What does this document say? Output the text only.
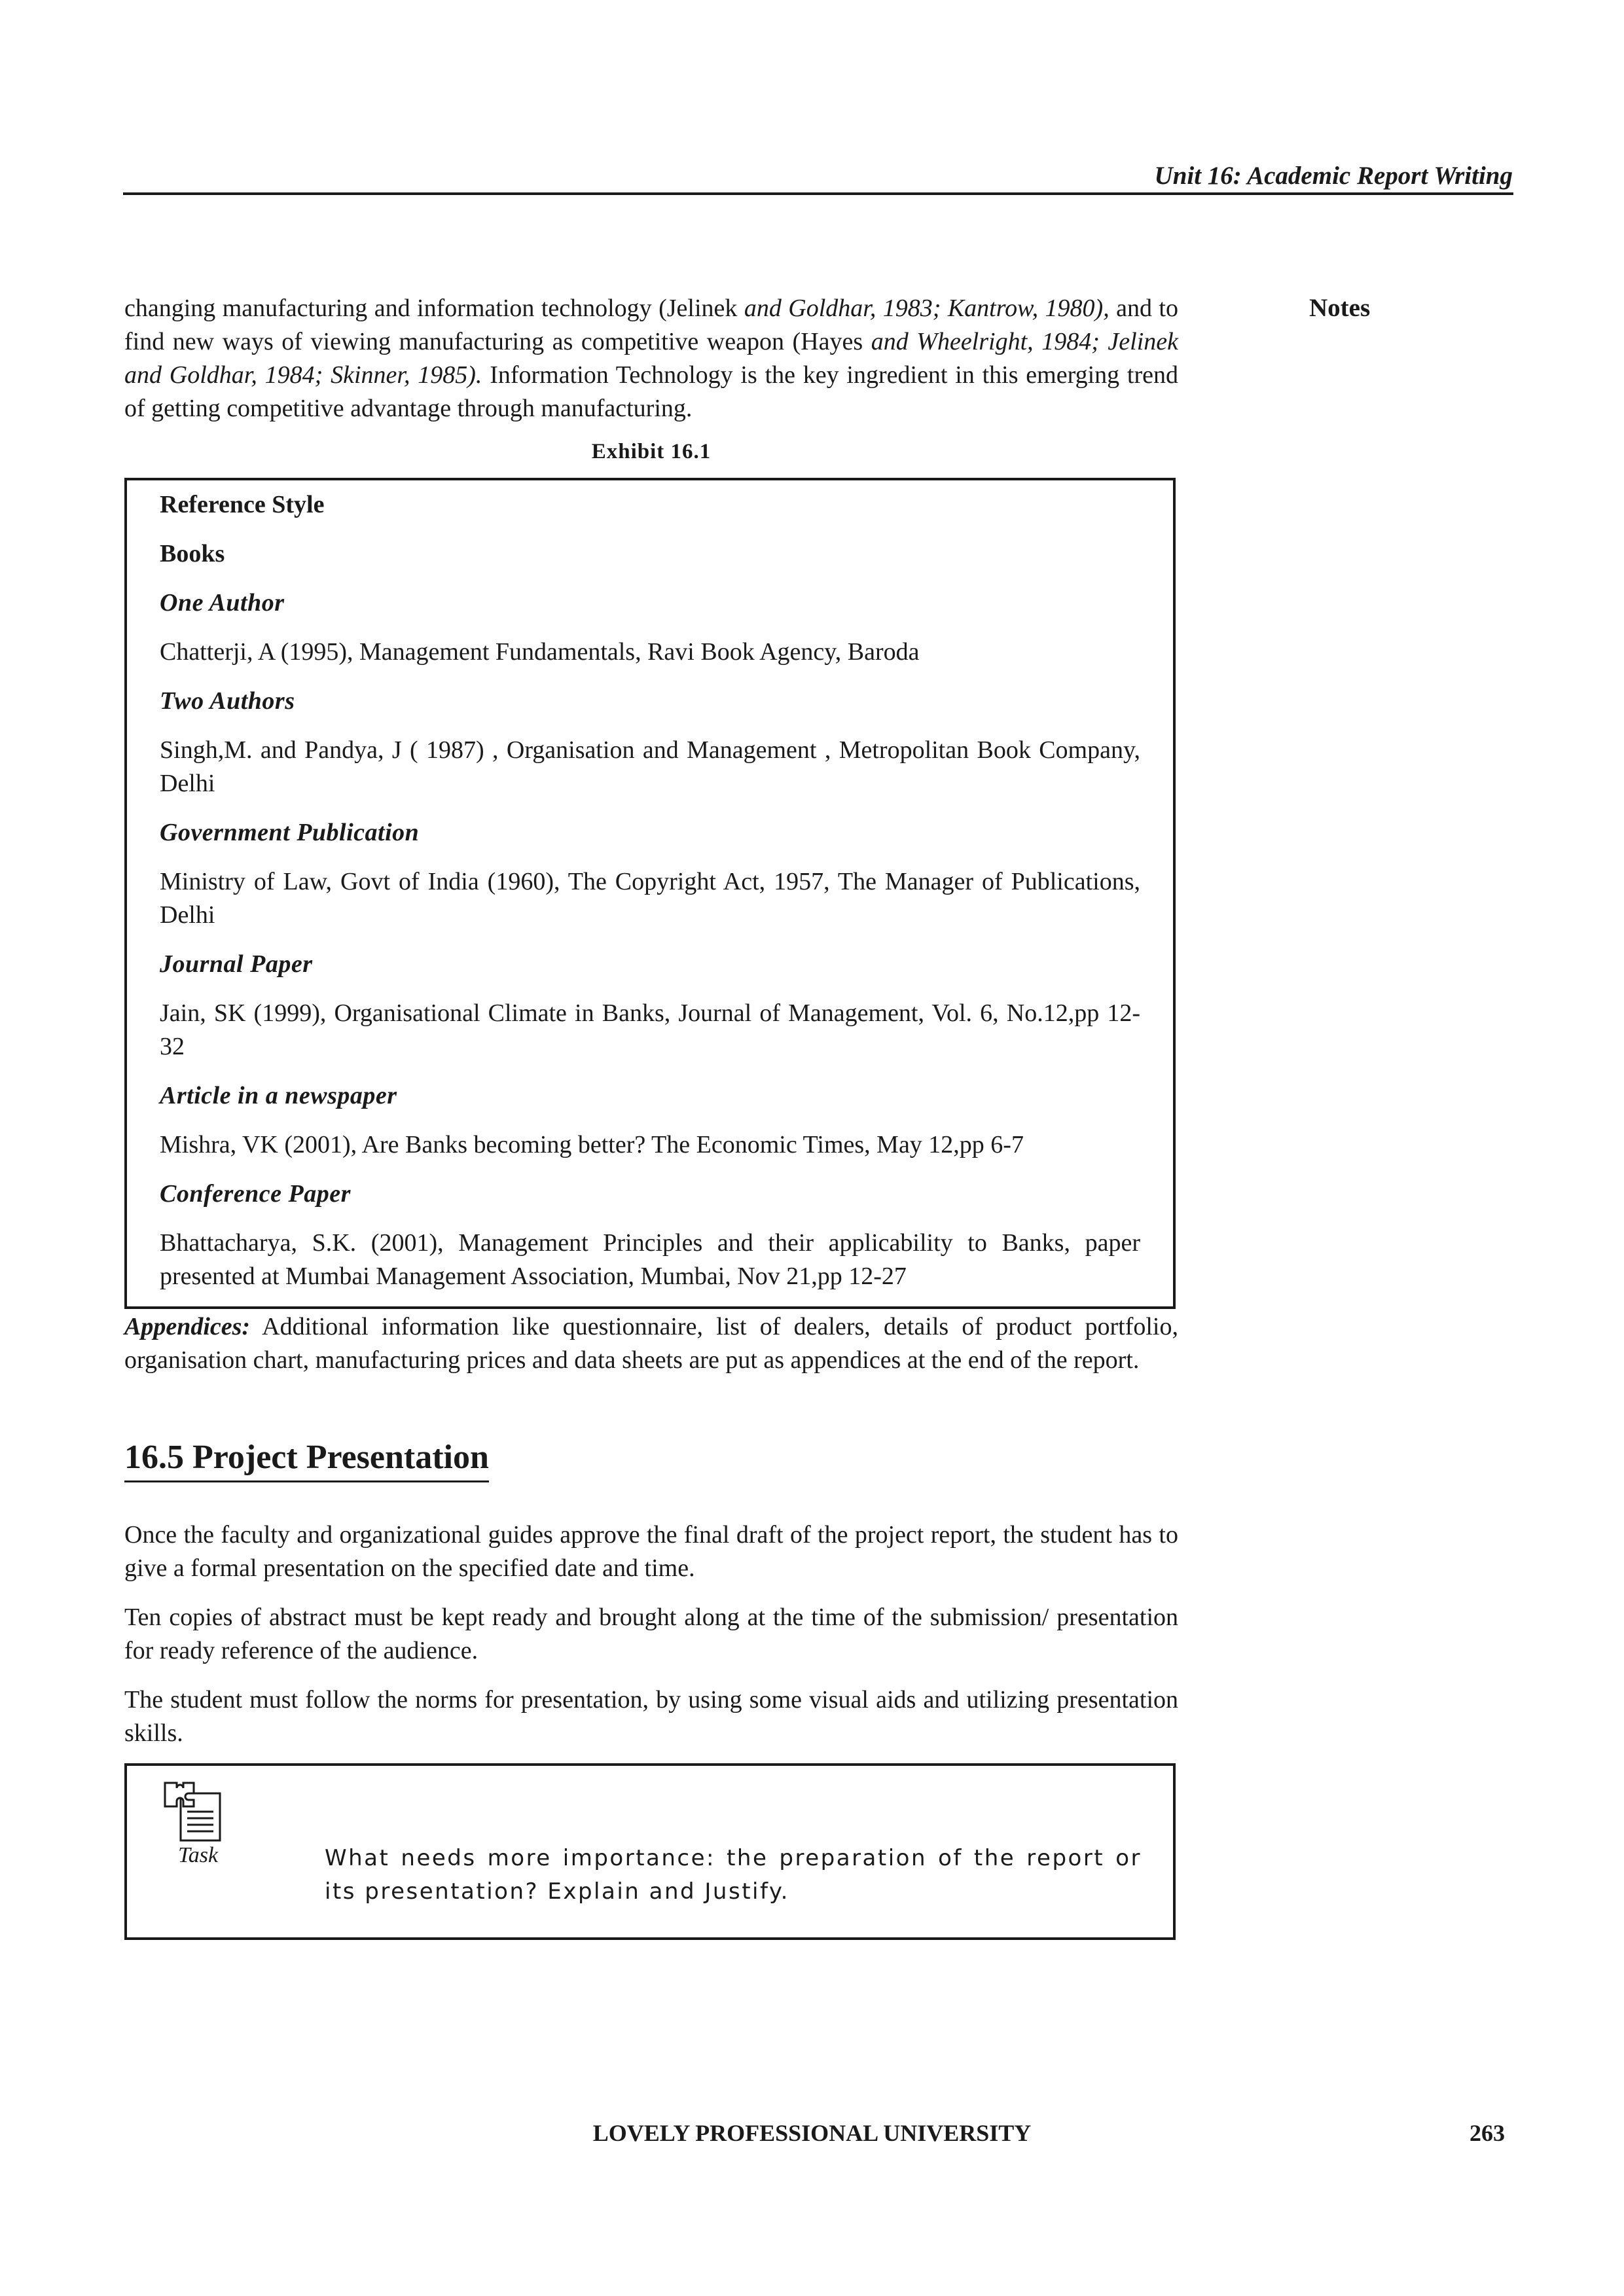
Unit 16: Academic Report Writing
Notes
changing manufacturing and information technology (Jelinek and Goldhar, 1983; Kantrow, 1980), and to find new ways of viewing manufacturing as competitive weapon (Hayes and Wheelright, 1984; Jelinek and Goldhar, 1984; Skinner, 1985). Information Technology is the key ingredient in this emerging trend of getting competitive advantage through manufacturing.
Exhibit 16.1
Reference Style
Books
One Author
Chatterji, A (1995), Management Fundamentals, Ravi Book Agency, Baroda
Two Authors
Singh,M. and Pandya, J ( 1987) , Organisation and Management , Metropolitan Book Company, Delhi
Government Publication
Ministry of Law, Govt of India (1960), The Copyright Act, 1957, The Manager of Publications, Delhi
Journal Paper
Jain, SK (1999), Organisational Climate in Banks, Journal of Management, Vol. 6, No.12,pp 12-32
Article in a newspaper
Mishra, VK (2001), Are Banks becoming better? The Economic Times, May 12,pp 6-7
Conference Paper
Bhattacharya, S.K. (2001), Management Principles and their applicability to Banks, paper presented at Mumbai Management Association, Mumbai, Nov 21,pp 12-27
Appendices: Additional information like questionnaire, list of dealers, details of product portfolio, organisation chart, manufacturing prices and data sheets are put as appendices at the end of the report.
16.5 Project Presentation
Once the faculty and organizational guides approve the final draft of the project report, the student has to give a formal presentation on the specified date and time.
Ten copies of abstract must be kept ready and brought along at the time of the submission/ presentation for ready reference of the audience.
The student must follow the norms for presentation, by using some visual aids and utilizing presentation skills.
Task	What needs more importance: the preparation of the report or its presentation? Explain and Justify.
LOVELY PROFESSIONAL UNIVERSITY	263
